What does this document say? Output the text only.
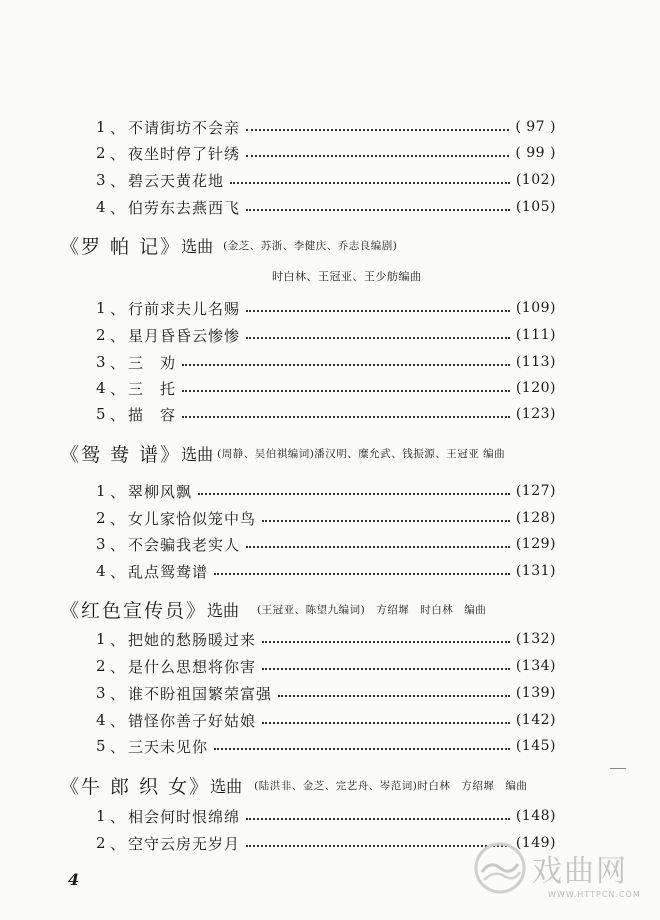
1 、 不请街坊不会亲	( 97 )
2 、 夜坐时停了针绣	( 99 )
3 、 碧云天黄花地	(102)
4 、 伯劳东去燕西飞	(105)
《罗 帕 记》 选曲 (金芝、苏浙、李健庆、乔志良编剧)
时白林、王冠亚、王少舫编曲
1 、 行前求夫儿名赐	(109)
2 、 星月昏昏云惨惨	(111)
3 、 三　劝	(113)
4 、 三　托	(120)
5 、 描　容	(123)
《鸳 鸯 谱》 选曲 (周静、吴伯祺编词)潘汉明、糜允武、钱振源、王冠亚 编曲
1 、 翠柳风飘	(127)
2 、 女儿家恰似笼中鸟	(128)
3 、 不会骗我老实人	(129)
4 、 乱点鸳鸯谱	(131)
《红色宣传员》 选曲 (王冠亚、陈望九编词)　方绍墀　时白林　编曲
1 、 把她的愁肠暖过来	(132)
2 、 是什么思想将你害	(134)
3 、 谁不盼祖国繁荣富强	(139)
4 、 错怪你善子好姑娘	(142)
5 、 三天未见你	(145)
《牛 郎 织 女》 选曲 (陆洪非、金芝、完艺舟、岑范词)时白林　方绍墀　编曲
1 、 相会何时恨绵绵	(148)
2 、 空守云房无岁月	(149)
4	戏曲网
WWW.HTTPCN.COM
